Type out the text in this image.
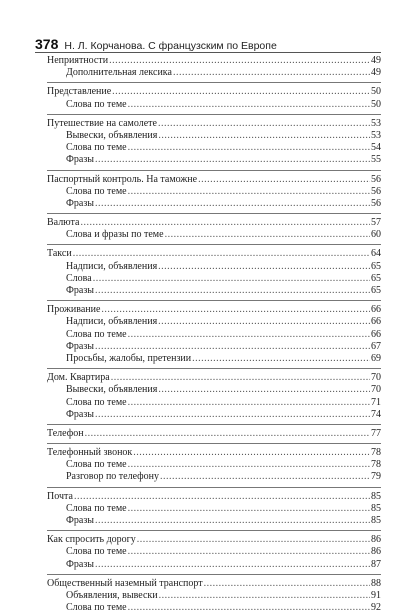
378 Н. Л. Корчанова. С французским по Европе
Неприятности .....	49
Дополнительная лексика .....	49
Представление .....	50
Слова по теме .....	50
Путешествие на самолете .....	53
Вывески, объявления .....	53
Слова по теме .....	54
Фразы .....	55
Паспортный контроль. На таможне .....	56
Слова по теме .....	56
Фразы .....	56
Валюта .....	57
Слова и фразы по теме .....	60
Такси .....	64
Надписи, объявления .....	65
Слова .....	65
Фразы .....	65
Проживание .....	66
Надписи, объявления .....	66
Слова по теме .....	66
Фразы .....	67
Просьбы, жалобы, претензии .....	69
Дом. Квартира .....	70
Вывески, объявления .....	70
Слова по теме .....	71
Фразы .....	74
Телефон .....	77
Телефонный звонок .....	78
Слова по теме .....	78
Разговор по телефону .....	79
Почта .....	85
Слова по теме .....	85
Фразы .....	85
Как спросить дорогу .....	86
Слова по теме .....	86
Фразы .....	87
Общественный наземный транспорт .....	88
Объявления, вывески .....	91
Слова по теме .....	92
